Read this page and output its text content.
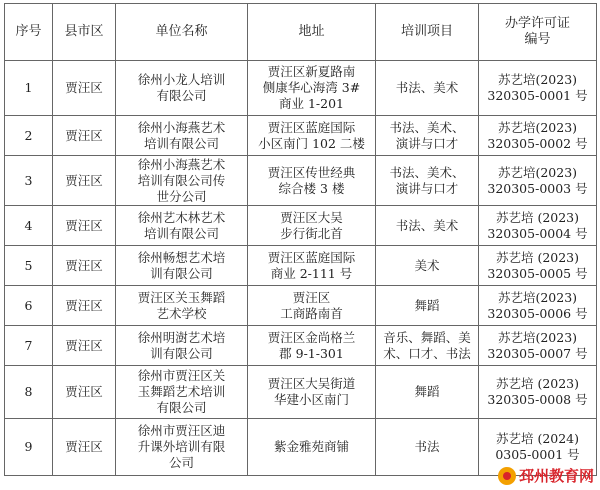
序号	县市区	单位名称	地址	培训项目	办学许可证
编号
1	贾汪区	徐州小龙人培训
有限公司	贾汪区新夏路南
侧康华心海湾 3#
商业 1-201	书法、美术	苏艺培(2023)
320305-0001 号
2	贾汪区	徐州小海燕艺术
培训有限公司	贾汪区蓝庭国际
小区南门 102 二楼	书法、美术、
演讲与口才	苏艺培(2023)
320305-0002 号
3	贾汪区	徐州小海燕艺术
培训有限公司传
世分公司	贾汪区传世经典
综合楼 3 楼	书法、美术、
演讲与口才	苏艺培(2023)
320305-0003 号
4	贾汪区	徐州艺木林艺术
培训有限公司	贾汪区大吴
步行街北首	书法、美术	苏艺培 (2023)
320305-0004 号
5	贾汪区	徐州畅想艺术培
训有限公司	贾汪区蓝庭国际
商业 2-111 号	美术	苏艺培 (2023)
320305-0005 号
6	贾汪区	贾汪区关玉舞蹈
艺术学校	贾汪区
工商路南首	舞蹈	苏艺培(2023)
320305-0006 号
7	贾汪区	徐州明澍艺术培
训有限公司	贾汪区金尚格兰
郡 9-1-301	音乐、舞蹈、美
术、口才、书法	苏艺培(2023)
320305-0007 号
8	贾汪区	徐州市贾汪区关
玉舞蹈艺术培训
有限公司	贾汪区大吴街道
华建小区南门	舞蹈	苏艺培 (2023)
320305-0008 号
9	贾汪区	徐州市贾汪区迪
升课外培训有限
公司	紫金雅苑商铺	书法	苏艺培 (2024)
0305-0001 号
邳州教育网
